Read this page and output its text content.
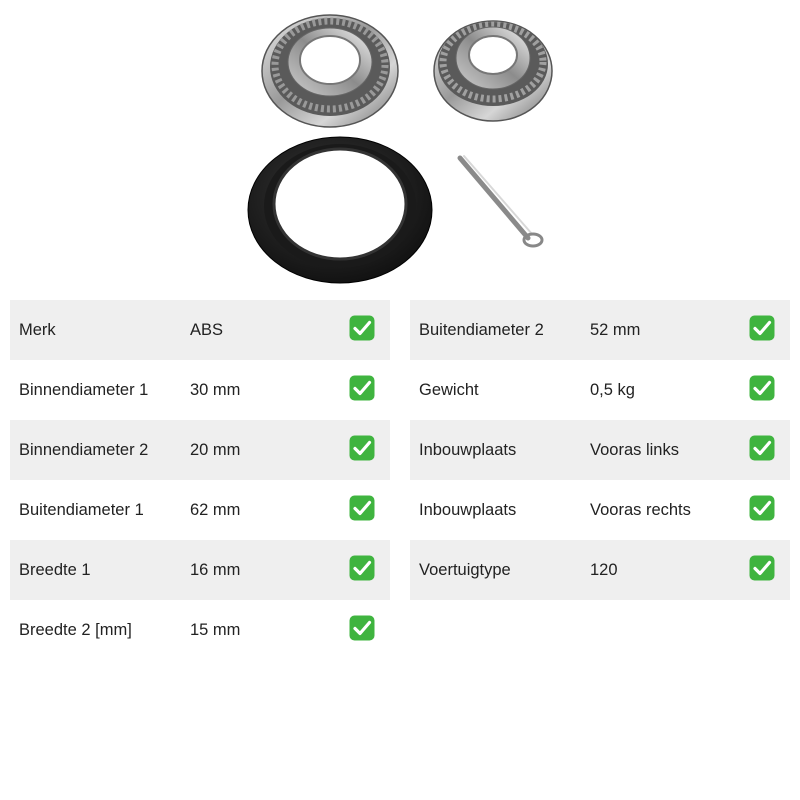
Merk	ABS
Binnendiameter 1	30 mm
Binnendiameter 2	20 mm
Buitendiameter 1	62 mm
Breedte 1	16 mm
Breedte 2 [mm]	15 mm
Buitendiameter 2	52 mm
Gewicht	0,5 kg
Inbouwplaats	Vooras links
Inbouwplaats	Vooras rechts
Voertuigtype	120
